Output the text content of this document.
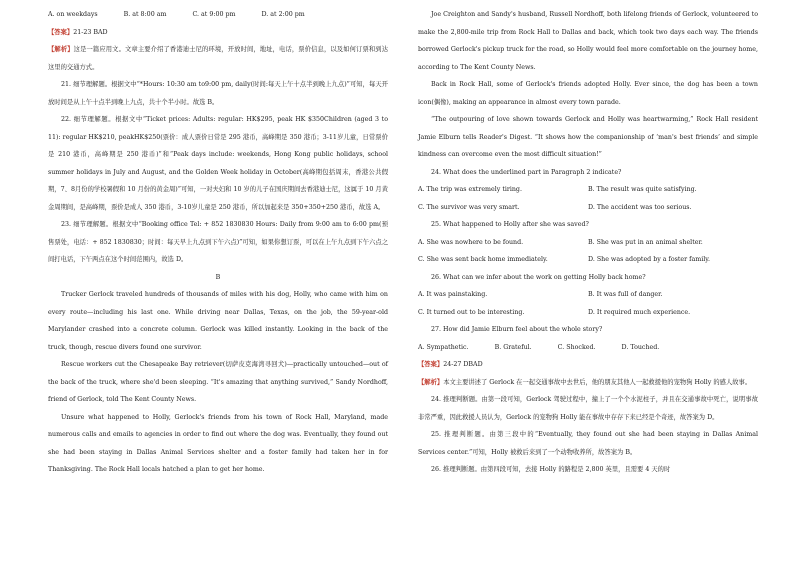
A. on weekdays	B. at 8:00 am	C. at 9:00 pm	D. at 2:00 pm
【答案】21-23 BAD

【解析】这是一篇应用文。文章主要介绍了香港迪士尼的环境，开放时间，地址，电话，票价信息，以及如何订票和到达这里的交通方式。

21. 细节理解题。根据文中“*Hours: 10:30 am to9:00 pm, daily(时间:每天上午十点半到晚上九点)”可知，每天开放时间是从上午十点半到晚上九点，共十个半小时。故选 B。

22. 细节理解题。根据文中“Ticket prices: Adults: regular: HK$295, peak HK $350Children (aged 3 to 11): regular HK$210, peakHK$250(票价：成人票价日常是 295 港币，高峰期是 350 港币；3-11岁儿童，日常票价是 210 港币，高峰期是 250 港币)”和“Peak days include: weekends, Hong Kong public holidays, school summer holidays in July and August, and the Golden Week holiday in October(高峰期包括周末，香港公共假期，7、8月份的学校暑假和 10 月份的黄金周)”可知，一对夫妇和 10 岁的儿子在国庆期间去香港迪士尼，这属于 10 月黄金周期间，是高峰期，票价是成人 350 港币，3-10岁儿童是 250 港币，所以加起来是 350+350+250 港币，故选 A。

23. 细节理解题。根据文中“Booking office Tel: + 852 1830830 Hours: Daily from 9:00 am to 6:00 pm(预售票处，电话：+ 852 1830830；时间：每天早上九点到下午六点)”可知，如果你想订票，可以在上午九点到下午六点之间打电话，下午两点在这个时间范围内，故选 D。

B

Trucker Gerlock traveled hundreds of thousands of miles with his dog, Holly, who came with him on every route—including his last one. While driving near Dallas, Texas, on the job, the 59-year-old Marylander crashed into a concrete column. Gerlock was killed instantly. Looking in the back of the truck, though, rescue divers found one survivor.

Rescue workers cut the Chesapeake Bay retriever(切萨皮克海湾寻回犬)—practically untouched—out of the back of the truck, where she'd been sleeping. “It's amazing that anything survived,” Sandy Nordhoff, friend of Gerlock, told The Kent County News.

Unsure what happened to Holly, Gerlock's friends from his town of Rock Hall, Maryland, made numerous calls and emails to agencies in order to find out where the dog was. Eventually, they found out she had been staying in Dallas Animal Services shelter and a foster family had taken her in for Thanksgiving. The Rock Hall locals hatched a plan to get her home.

Joe Creighton and Sandy's husband, Russell Nordhoff, both lifelong friends of Gerlock, volunteered to make the 2,800-mile trip from Rock Hall to Dallas and back, which took two days each way. The friends borrowed Gerlock's pickup truck for the road, so Holly would feel more comfortable on the journey home, according to The Kent County News.

Back in Rock Hall, some of Gerlock's friends adopted Holly. Ever since, the dog has been a town icon(偶像), making an appearance in almost every town parade.

“The outpouring of love shown towards Gerlock and Holly was heartwarming,” Rock Hall resident Jamie Elburn tells Reader's Digest. “It shows how the companionship of ‘man's best friends’ and simple kindness can overcome even the most difficult situation!”

24. What does the underlined part in Paragraph 2 indicate?

A. The trip was extremely tiring.	B. The result was quite satisfying.
C. The survivor was very smart.	D. The accident was too serious.

25. What happened to Holly after she was saved?

A. She was nowhere to be found.	B. She was put in an animal shelter.
C. She was sent back home immediately.	D. She was adopted by a foster family.

26. What can we infer about the work on getting Holly back home?

A. It was painstaking.	B. It was full of danger.
C. It turned out to be interesting.	D. It required much experience.

27. How did Jamie Elburn feel about the whole story?

A. Sympathetic.	B. Grateful.	C. Shocked.	D. Touched.
【答案】24-27 DBAD

【解析】本文主要讲述了 Gerlock 在一起交通事故中去世后，他的朋友其他人一起救援他的宠物狗 Holly 的感人故事。

24. 推理判断题。由第一段可知，Gerlock 驾驶过程中，撞上了一个个水泥柱子，并且在交通事故中死亡，说明事故非常严重，因此救援人员认为，Gerlock 的宠物狗 Holly 能在事故中存存下来已经是个奇迹，故答案为 D。

25. 推理判断题。由第三段中的“Eventually, they found out she had been staying in Dallas Animal Services center.”可知，Holly 被救后来到了一个动物收养所，故答案为 B。

26. 推理判断题。由第四段可知，去接 Holly 的路程是 2,800 英里，且需要 4 天的时
